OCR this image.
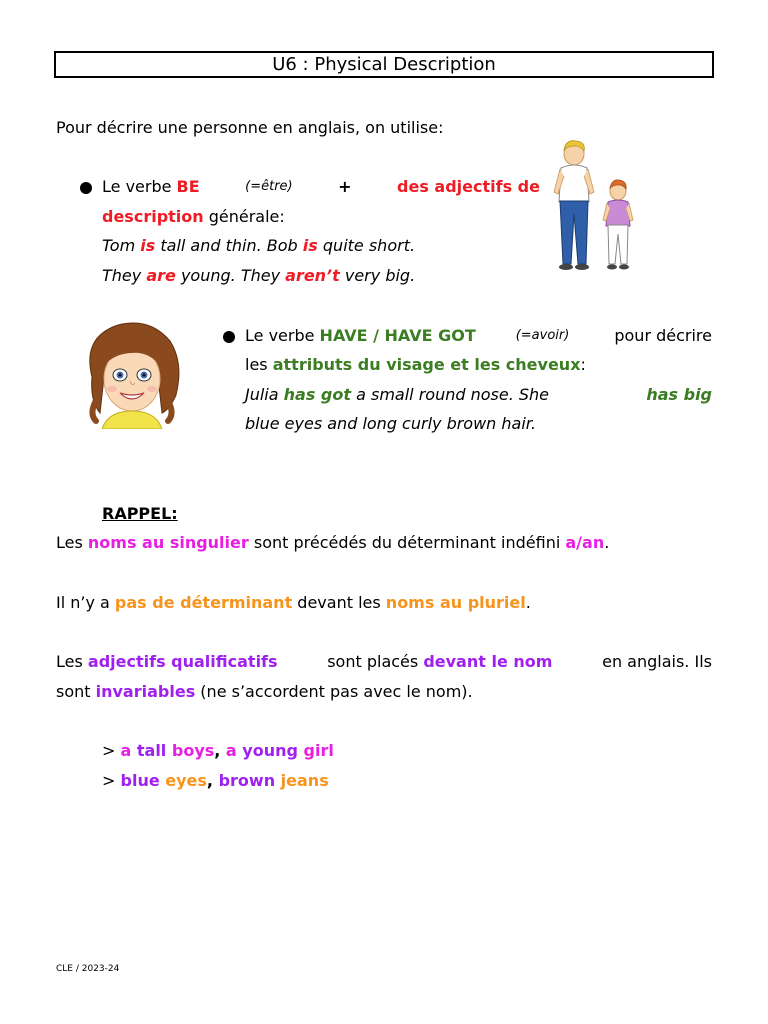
U6 : Physical Description

Pour décrire une personne en anglais, on utilise:

Le verbe BE	(=être)	+	des adjectifs de

description générale:

Tom is tall and thin. Bob is quite short.

They are young. They aren’t very big.

Le verbe HAVE / HAVE GOT	(=avoir) pour décrire

les attributs du visage et les cheveux:

Julia has got a small round nose. She	has big

blue eyes and long curly brown hair.

RAPPEL:

Les noms au singulier sont précédés du déterminant indéfini a/an.

Il n’y a pas de déterminant devant les noms au pluriel.

Les adjectifs qualificatifs	sont placés devant le nom	en anglais. Ils

sont invariables (ne s’accordent pas avec le nom).

> a tall boys, a young girl

> blue eyes, brown jeans

CLE / 2023-24
